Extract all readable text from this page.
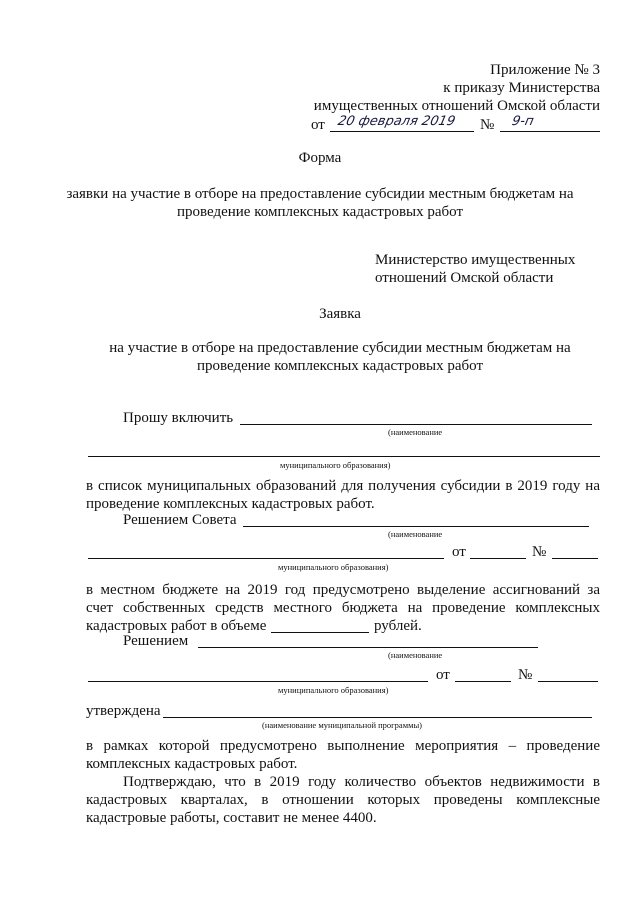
Приложение № 3
к приказу Министерства
имущественных отношений Омской области
от 20 февраля 2019 № 9-п
Форма
заявки на участие в отборе на предоставление субсидии местным бюджетам на
проведение комплексных кадастровых работ
Министерство имущественных
отношений Омской области
Заявка
на участие в отборе на предоставление субсидии местным бюджетам на
проведение комплексных кадастровых работ
Прошу включить
(наименование
муниципального образования)
в список муниципальных образований для получения субсидии в 2019 году на
проведение комплексных кадастровых работ.
Решением Совета
(наименование
от	№
муниципального образования)
в местном бюджете на 2019 год предусмотрено выделение ассигнований за
счет собственных средств местного бюджета на проведение комплексных
кадастровых работ в объеме	рублей.
Решением
(наименование
от	№
муниципального образования)
утверждена
(наименование муниципальной программы)
в рамках которой предусмотрено выполнение мероприятия – проведение
комплексных кадастровых работ.
Подтверждаю, что в 2019 году количество объектов недвижимости в
кадастровых кварталах, в отношении которых проведены комплексные
кадастровые работы, составит не менее 4400.
